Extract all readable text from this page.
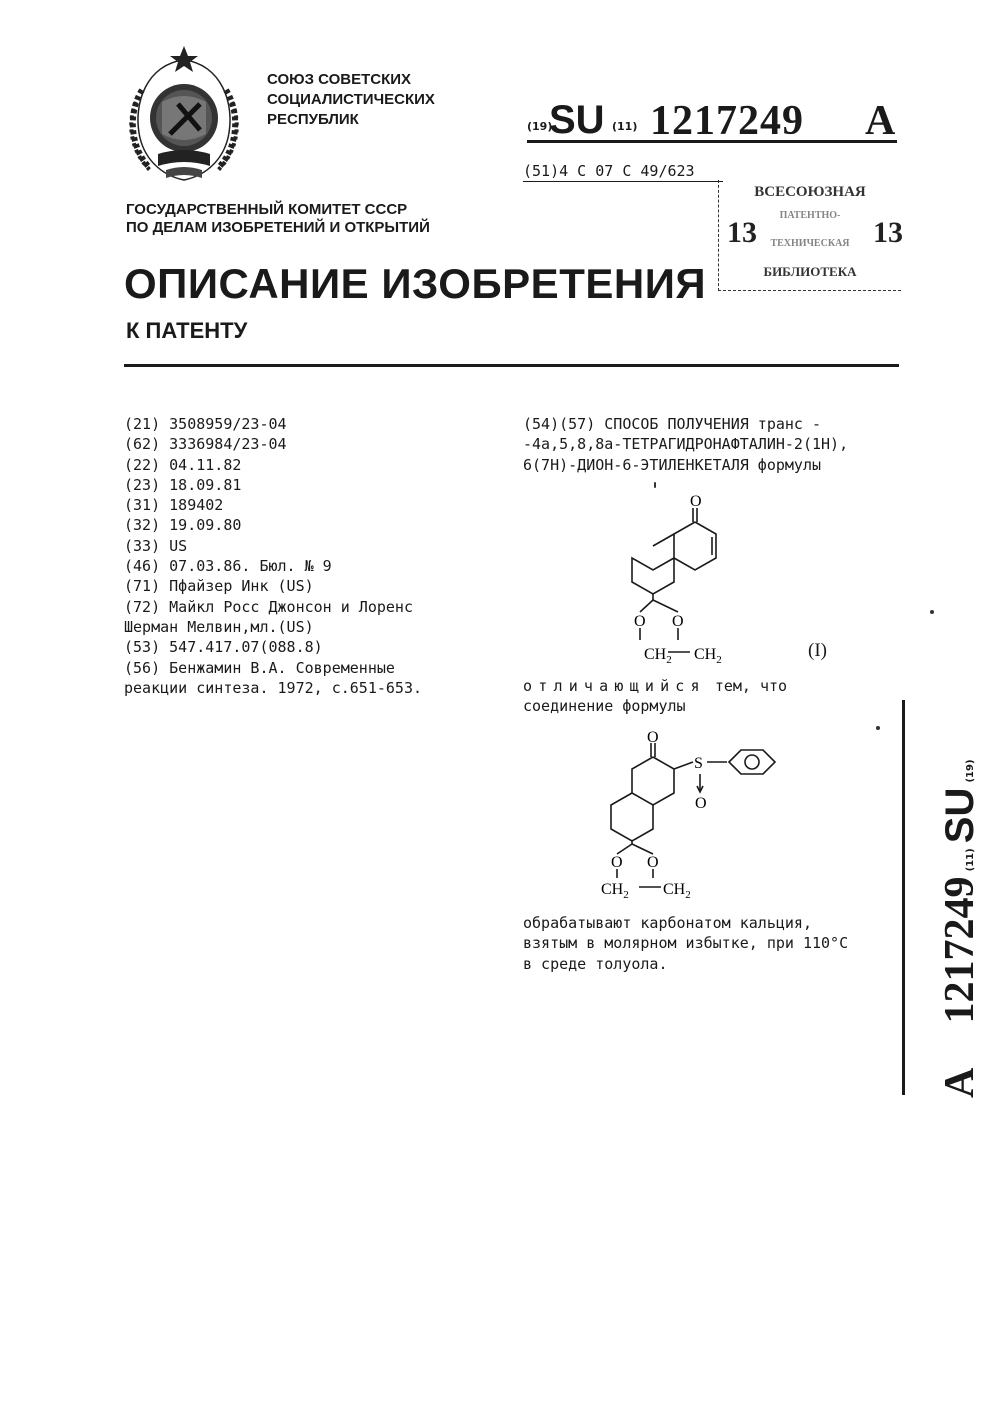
СОЮЗ СОВЕТСКИХ
СОЦИАЛИСТИЧЕСКИХ
РЕСПУБЛИК
ГОСУДАРСТВЕННЫЙ КОМИТЕТ СССР
ПО ДЕЛАМ ИЗОБРЕТЕНИЙ И ОТКРЫТИЙ
ОПИСАНИЕ ИЗОБРЕТЕНИЯ
К ПАТЕНТУ
(19)
SU (11) 1217249 A
(51)4 С 07 С 49/623
ВСЕСОЮЗНАЯ
ПАТЕНТНО-
ТЕХНИЧЕСКАЯ
БИБЛИОТЕКА
13	13
(21) 3508959/23-04
(62) 3336984/23-04
(22) 04.11.82
(23) 18.09.81
(31) 189402
(32) 19.09.80
(33) US
(46) 07.03.86. Бюл. № 9
(71) Пфайзер Инк (US)
(72) Майкл Росс Джонсон и Лоренс
Шерман Мелвин,мл.(US)
(53) 547.417.07(088.8)
(56) Бенжамин В.А. Современные
реакции синтеза. 1972, с.651-653.
(54)(57) СПОСОБ ПОЛУЧЕНИЯ транс -
-4а,5,8,8а-ТЕТРАГИДРОНАФТАЛИН-2(1Н),
6(7Н)-ДИОН-6-ЭТИЛЕНКЕТАЛЯ формулы
O
O O
$CH_2$ $CH_2$	(I)
отличающийся тем, что
соединение формулы
O
S
O
O O
$CH_2$ $CH_2$
обрабатывают карбонатом кальция,
взятым в молярном избытке, при 110°С
в среде толуола.
A  1217249 (11) SU (19)
